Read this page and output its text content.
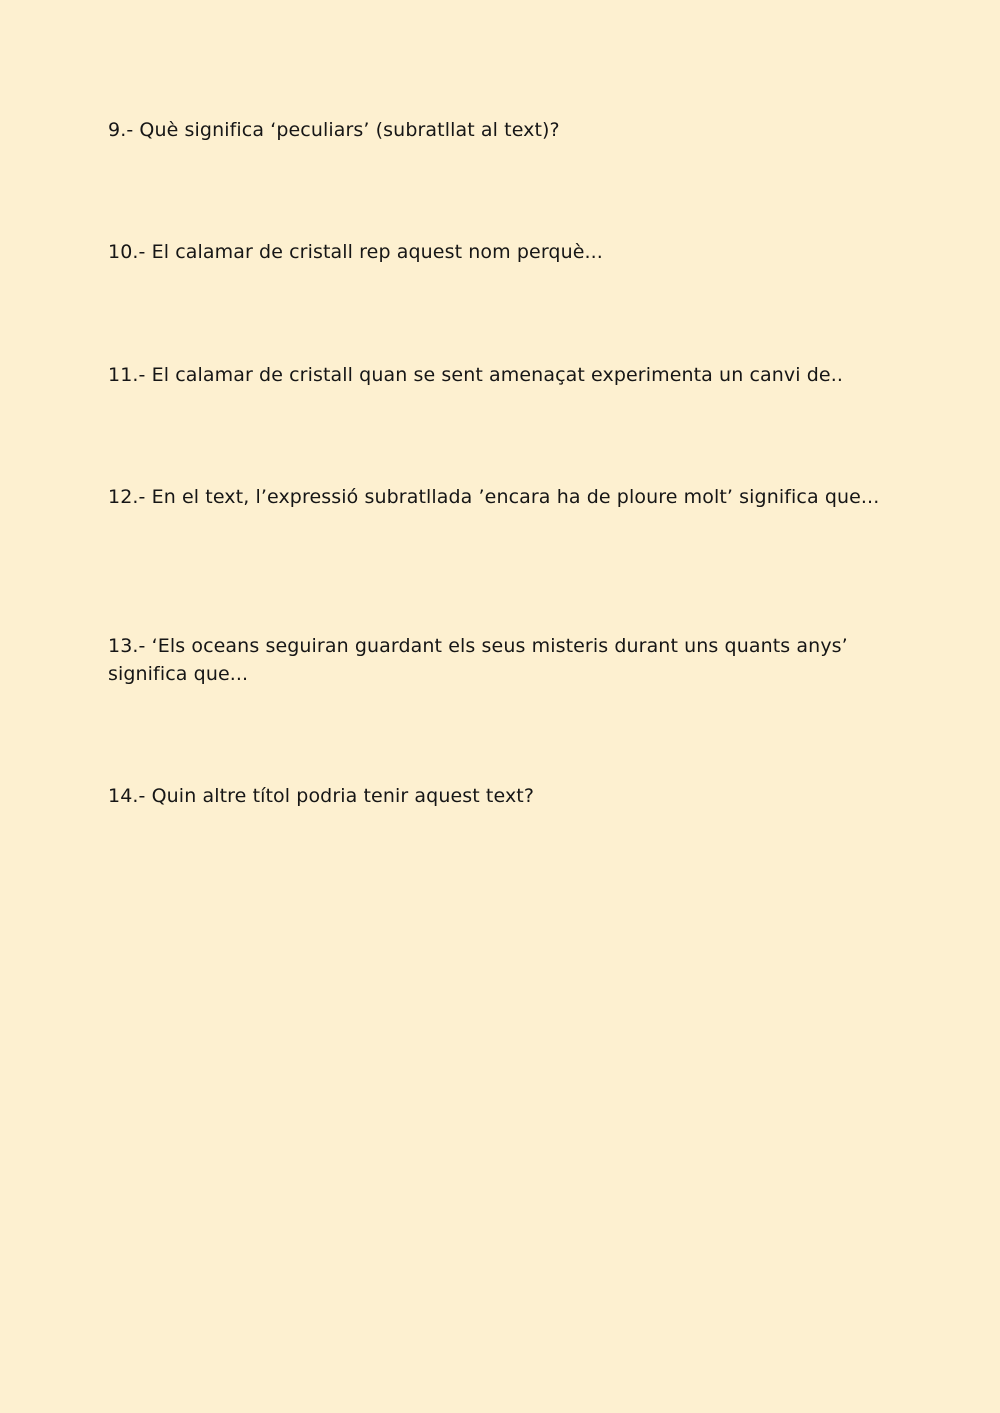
9.- Què significa ‘peculiars’ (subratllat al text)?

10.- El calamar de cristall rep aquest nom perquè...

11.- El calamar de cristall quan se sent amenaçat experimenta un canvi de..

12.- En el text, l’expressió subratllada ’encara ha de ploure molt’ significa que...

13.- ‘Els oceans seguiran guardant els seus misteris durant uns quants anys’ significa que...

14.- Quin altre títol podria tenir aquest text?
